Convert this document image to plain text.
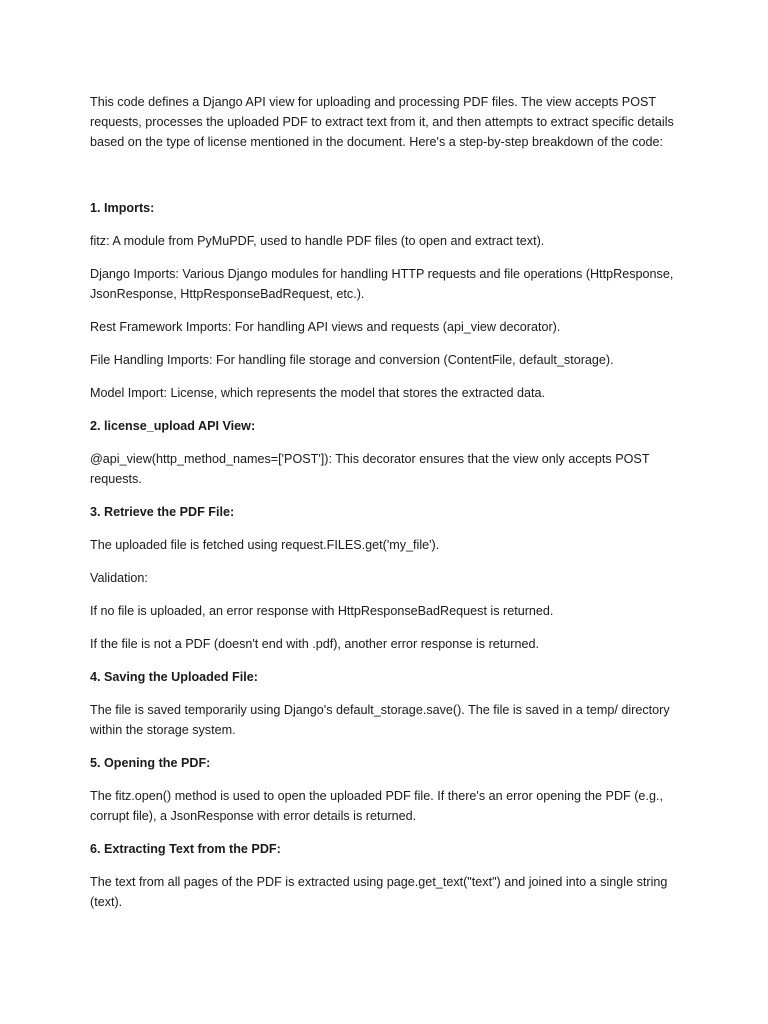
This code defines a Django API view for uploading and processing PDF files. The view accepts POST requests, processes the uploaded PDF to extract text from it, and then attempts to extract specific details based on the type of license mentioned in the document. Here's a step-by-step breakdown of the code:

1. Imports:

fitz: A module from PyMuPDF, used to handle PDF files (to open and extract text).

Django Imports: Various Django modules for handling HTTP requests and file operations (HttpResponse, JsonResponse, HttpResponseBadRequest, etc.).

Rest Framework Imports: For handling API views and requests (api_view decorator).

File Handling Imports: For handling file storage and conversion (ContentFile, default_storage).

Model Import: License, which represents the model that stores the extracted data.

2. license_upload API View:

@api_view(http_method_names=['POST']): This decorator ensures that the view only accepts POST requests.

3. Retrieve the PDF File:

The uploaded file is fetched using request.FILES.get('my_file').

Validation:

If no file is uploaded, an error response with HttpResponseBadRequest is returned.

If the file is not a PDF (doesn't end with .pdf), another error response is returned.

4. Saving the Uploaded File:

The file is saved temporarily using Django's default_storage.save(). The file is saved in a temp/ directory within the storage system.

5. Opening the PDF:

The fitz.open() method is used to open the uploaded PDF file. If there's an error opening the PDF (e.g., corrupt file), a JsonResponse with error details is returned.

6. Extracting Text from the PDF:

The text from all pages of the PDF is extracted using page.get_text("text") and joined into a single string (text).
